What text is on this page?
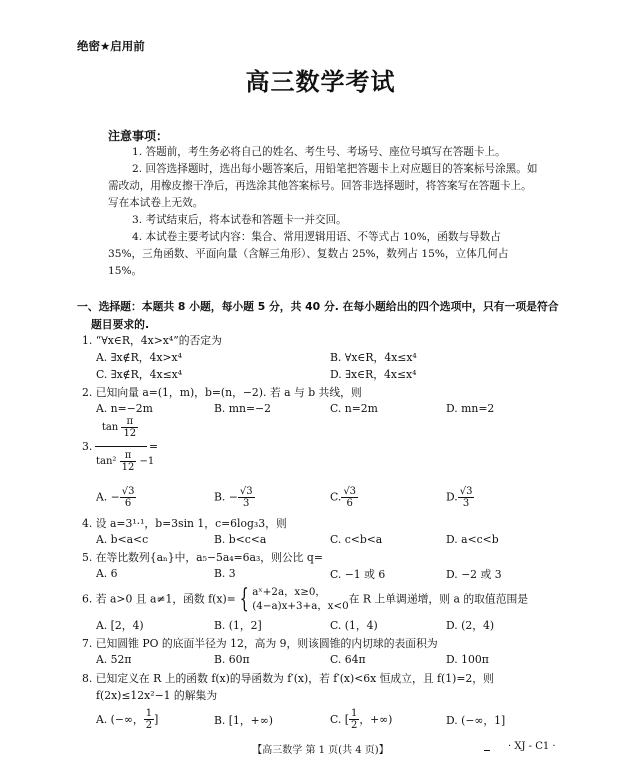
绝密★启用前
高三数学考试
注意事项：
1. 答题前，考生务必将自己的姓名、考生号、考场号、座位号填写在答题卡上。
2. 回答选择题时，选出每小题答案后，用铅笔把答题卡上对应题目的答案标号涂黑。如需改动，用橡皮擦干净后，再选涂其他答案标号。回答非选择题时，将答案写在答题卡上。写在本试卷上无效。
3. 考试结束后，将本试卷和答题卡一并交回。
4. 本试卷主要考试内容：集合、常用逻辑用语、不等式占 10%，函数与导数占 35%，三角函数、平面向量（含解三角形）、复数占 25%，数列占 15%，立体几何占 15%。
一、选择题：本题共 8 小题，每小题 5 分，共 40 分. 在每小题给出的四个选项中，只有一项是符合
题目要求的.
1. “∀x∈R，4x>x⁴”的否定为
A. ∃x∉R，4x>x⁴	B. ∀x∈R，4x≤x⁴
C. ∃x∉R，4x≤x⁴	D. ∃x∈R，4x≤x⁴
2. 已知向量 a=(1，m)，b=(n，−2). 若 a 与 b 共线，则
A. n=−2m	B. mn=−2	C. n=2m	D. mn=2
3.
$\tan \frac{\pi}{12}$
$\tan^2 \frac{\pi}{12} -1$
=
A. − $\frac{√3}{6}$	B. − $\frac{√3}{3}$	C. $\frac{√3}{6}$	D. $\frac{√3}{3}$
4. 设 a=3¹·¹，b=3sin 1，c=6log₃3，则
A. b<a<c	B. b<c<a	C. c<b<a	D. a<c<b
5. 在等比数列{aₙ}中，a₅−5a₄=6a₃，则公比 q=
A. 6	B. 3	C. −1 或 6	D. −2 或 3
6. 若 a>0 且 a≠1，函数 f(x)= { aˣ+2a，x≥0，
(4−a)x+3+a，x<0
在 R 上单调递增，则 a 的取值范围是
A. [2，4)	B. (1，2]	C. (1，4)	D. (2，4)
7. 已知圆锥 PO 的底面半径为 12，高为 9，则该圆锥的内切球的表面积为
A. 52π	B. 60π	C. 64π	D. 100π
8. 已知定义在 R 上的函数 f(x)的导函数为 f′(x)，若 f′(x)<6x 恒成立，且 f(1)=2，则
f(2x)≤12x²−1 的解集为
A. (−∞， $\frac{1}{2}$ ]	B. [1，+∞)	C. [ $\frac{1}{2}$ ，+∞)	D. (−∞，1]
【高三数学 第 1 页(共 4 页)】	· XJ - C1 ·
